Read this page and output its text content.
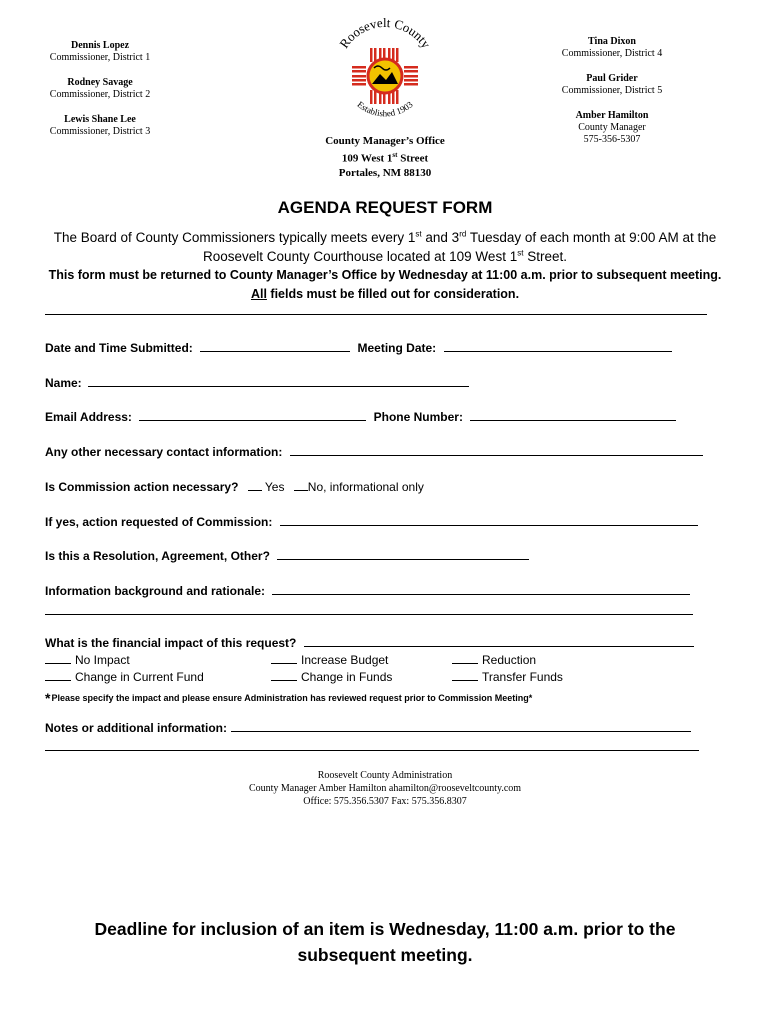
Dennis Lopez
Commissioner, District 1
Rodney Savage
Commissioner, District 2
Lewis Shane Lee
Commissioner, District 3
Tina Dixon
Commissioner, District 4
Paul Grider
Commissioner, District 5
Amber Hamilton
County Manager
575-356-5307
Roosevelt County
Established 1903
County Manager’s Office
109 West 1st Street
Portales, NM 88130
AGENDA REQUEST FORM
The Board of County Commissioners typically meets every 1st and 3rd Tuesday of each month at 9:00 AM at the Roosevelt County Courthouse located at 109 West 1st Street.
This form must be returned to County Manager’s Office by Wednesday at 11:00 a.m. prior to subsequent meeting. All fields must be filled out for consideration.
Date and Time Submitted:	Meeting Date:
Name:
Email Address:	Phone Number:
Any other necessary contact information:
Is Commission action necessary? Yes No, informational only
If yes, action requested of Commission:
Is this a Resolution, Agreement, Other?
Information background and rationale:
What is the financial impact of this request?
No Impact	Increase Budget	Reduction
Change in Current Fund	Change in Funds	Transfer Funds
*Please specify the impact and please ensure Administration has reviewed request prior to Commission Meeting*
Notes or additional information:
Roosevelt County Administration
County Manager Amber Hamilton ahamilton@rooseveltcounty.com
Office: 575.356.5307 Fax: 575.356.8307
Deadline for inclusion of an item is Wednesday, 11:00 a.m. prior to the subsequent meeting.
